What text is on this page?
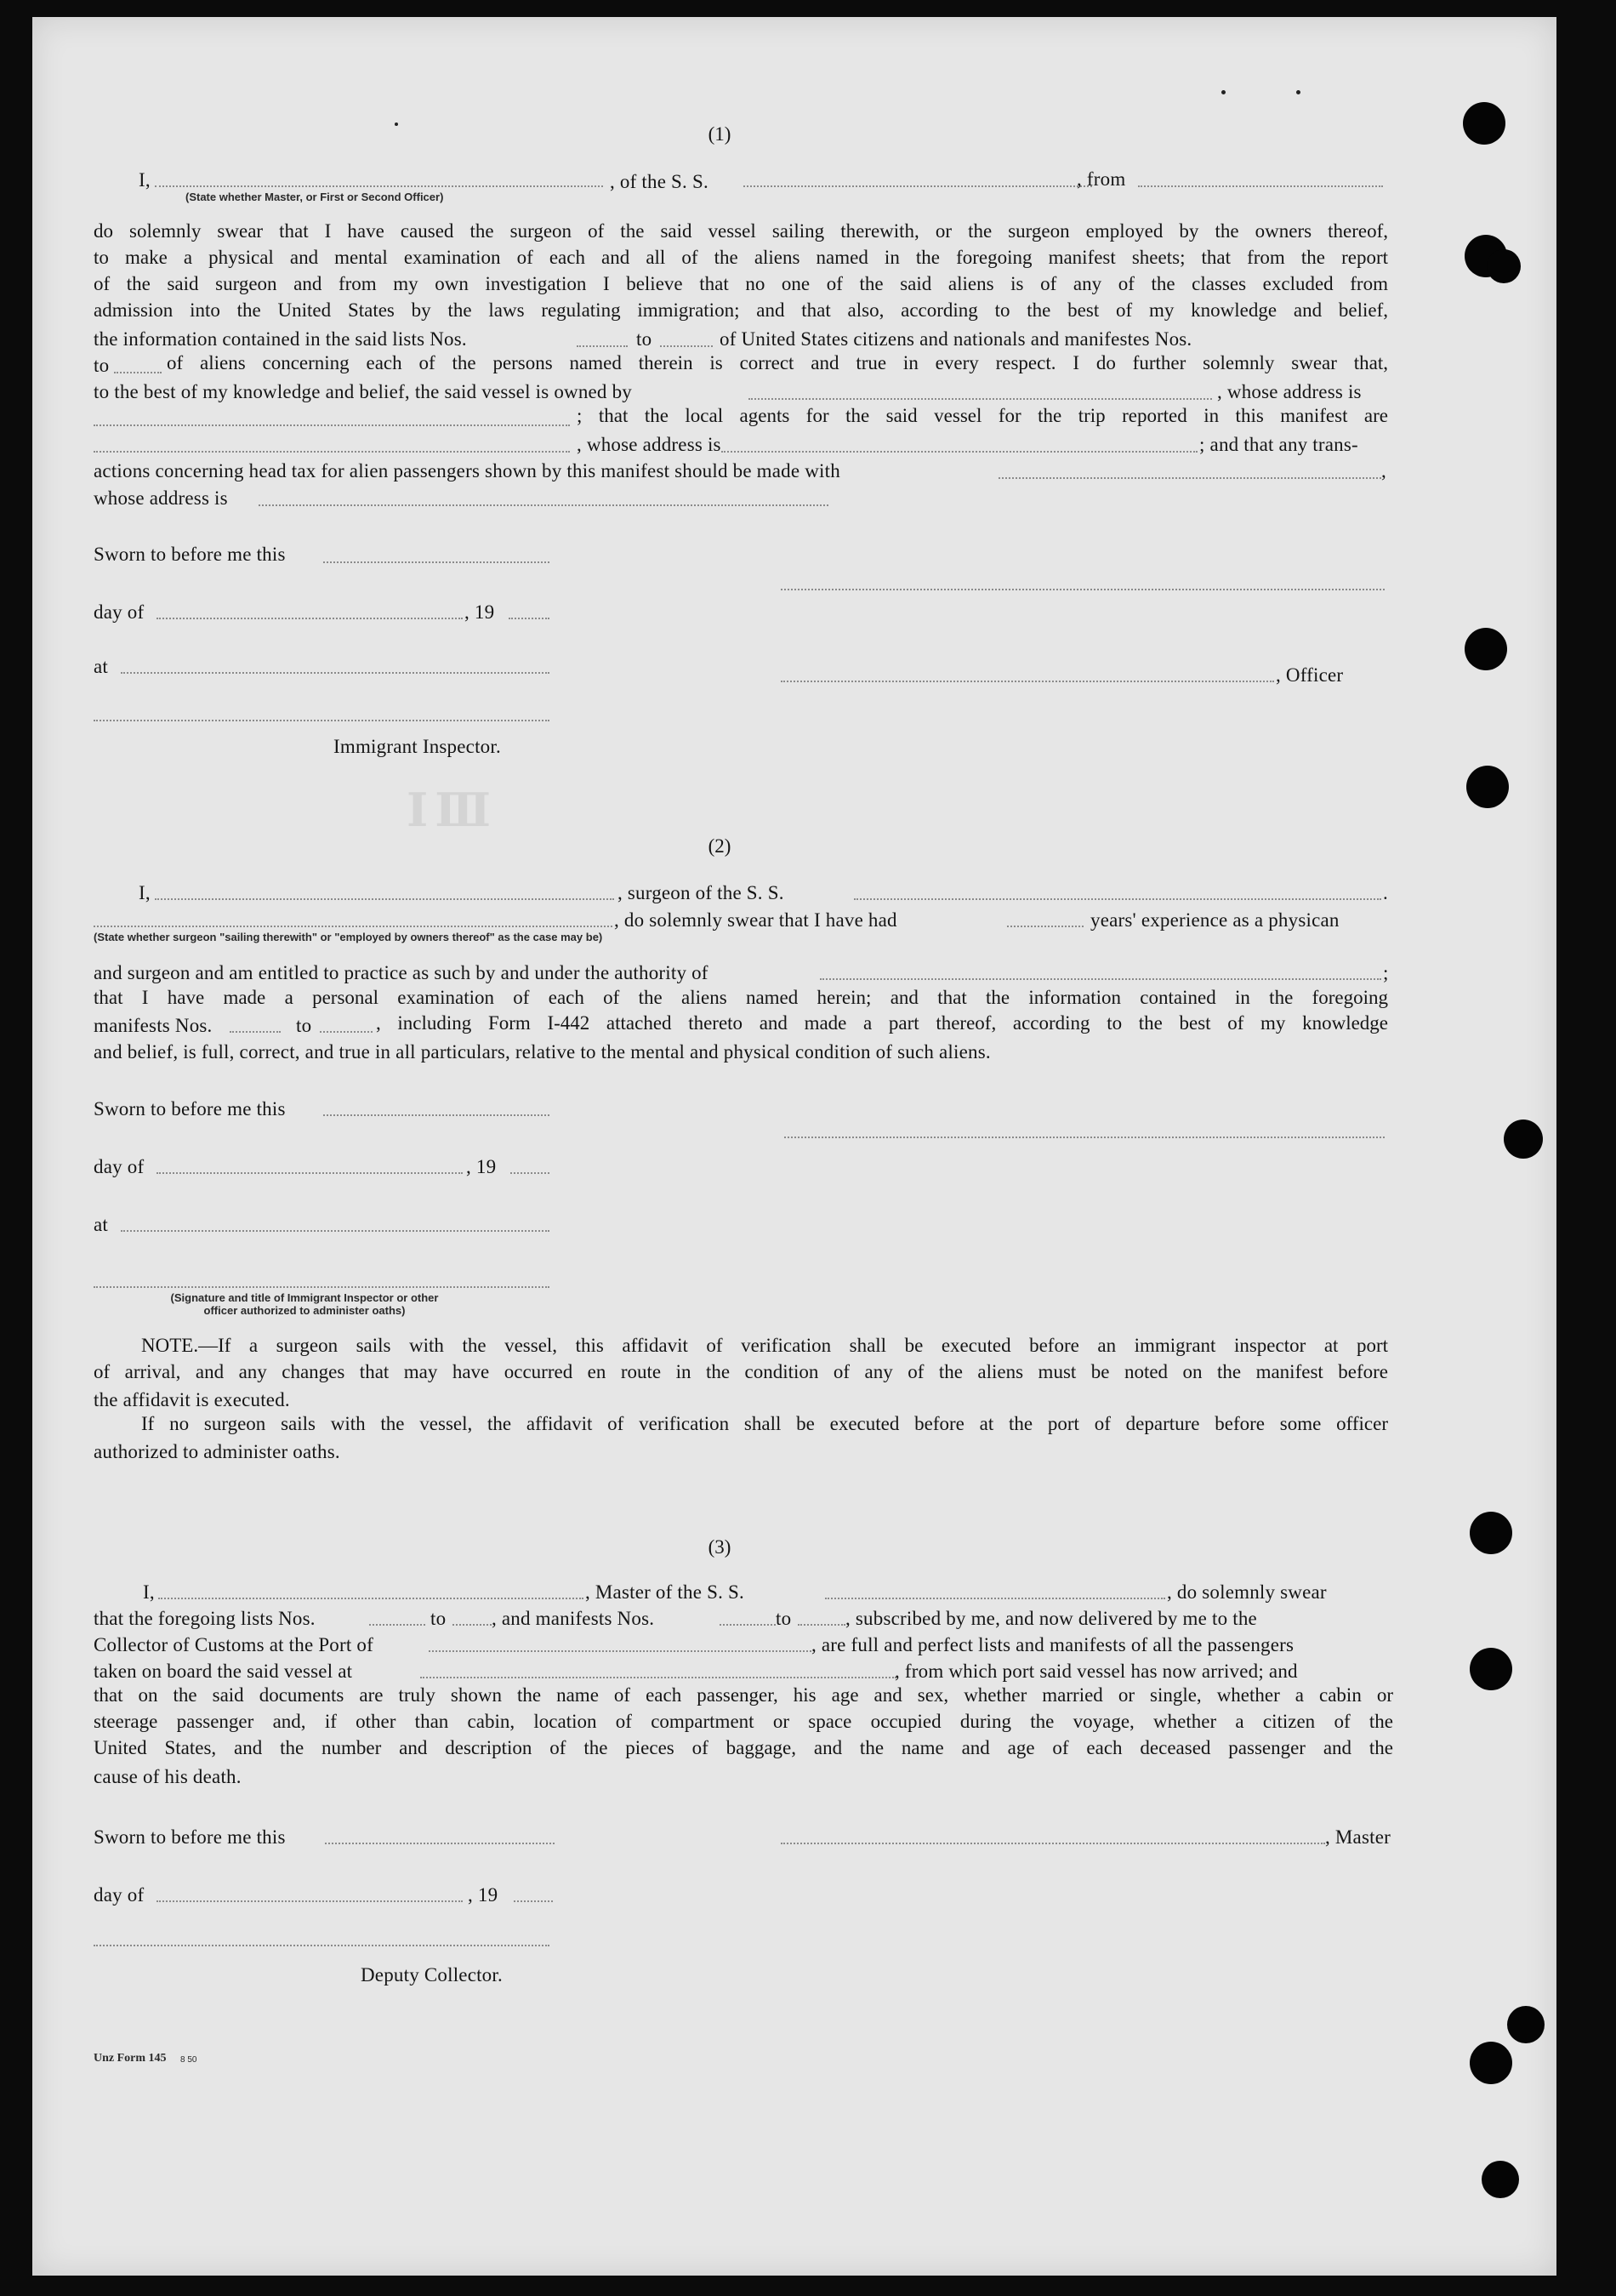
ⅠⅢ
(1)
I,
(State whether Master, or First or Second Officer)
, of the S. S.	, from
do solemnly swear that I have caused the surgeon of the said vessel sailing therewith, or the surgeon employed by the owners thereof,
to make a physical and mental examination of each and all of the aliens named in the foregoing manifest sheets; that from the report
of the said surgeon and from my own investigation I believe that no one of the said aliens is of any of the classes excluded from
admission into the United States by the laws regulating immigration; and that also, according to the best of my knowledge and belief,
the information contained in the said lists Nos.	to	of United States citizens and nationals and manifestes Nos.
to	of aliens concerning each of the persons named therein is correct and true in every respect. I do further solemnly swear that,
to the best of my knowledge and belief, the said vessel is owned by	, whose address is
; that the local agents for the said vessel for the trip reported in this manifest are
, whose address is	; and that any trans-
actions concerning head tax for alien passengers shown by this manifest should be made with	,
whose address is
Sworn to before me this
day of	, 19
at	, Officer
Immigrant Inspector.
(2)
I,	, surgeon of the S. S.	.
, do solemnly swear that I have had	years' experience as a physican
(State whether surgeon "sailing therewith" or "employed by owners thereof" as the case may be)
and surgeon and am entitled to practice as such by and under the authority of	;
that I have made a personal examination of each of the aliens named herein; and that the information contained in the foregoing
manifests Nos.	to	, including Form I-442 attached thereto and made a part thereof, according to the best of my knowledge
and belief, is full, correct, and true in all particulars, relative to the mental and physical condition of such aliens.
Sworn to before me this
day of	, 19
at
(Signature and title of Immigrant Inspector or other
officer authorized to administer oaths)
NOTE.—If a surgeon sails with the vessel, this affidavit of verification shall be executed before an immigrant inspector at port
of arrival, and any changes that may have occurred en route in the condition of any of the aliens must be noted on the manifest before
the affidavit is executed.
If no surgeon sails with the vessel, the affidavit of verification shall be executed before at the port of departure before some officer
authorized to administer oaths.
(3)
I,	, Master of the S. S.	, do solemnly swear
that the foregoing lists Nos.	to , and manifests Nos.	to	, subscribed by me, and now delivered by me to the
Collector of Customs at the Port of	, are full and perfect lists and manifests of all the passengers
taken on board the said vessel at	, from which port said vessel has now arrived; and
that on the said documents are truly shown the name of each passenger, his age and sex, whether married or single, whether a cabin or
steerage passenger and, if other than cabin, location of compartment or space occupied during the voyage, whether a citizen of the
United States, and the number and description of the pieces of baggage, and the name and age of each deceased passenger and the
cause of his death.
Sworn to before me this	, Master
day of	, 19
Deputy Collector.
Unz Form 145 8 50
